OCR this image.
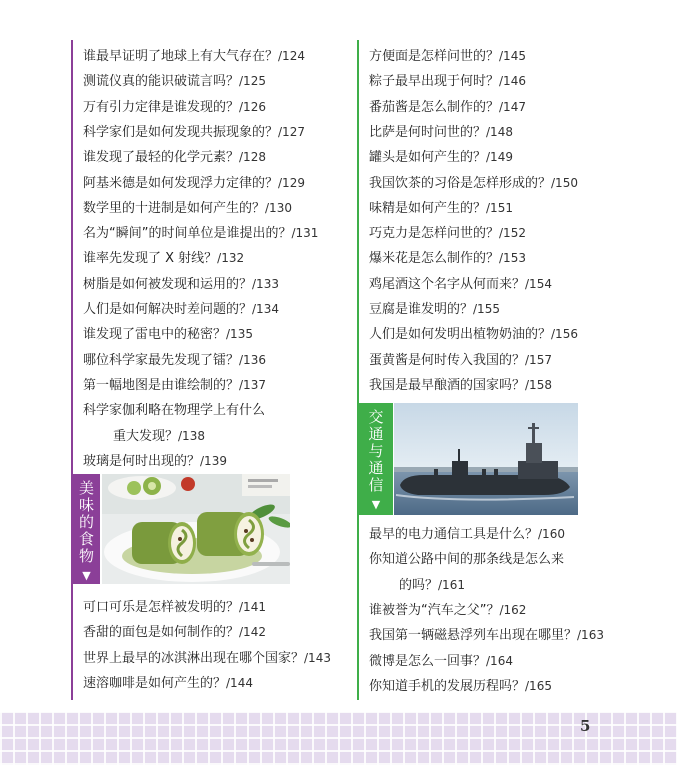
谁最早证明了地球上有大气存在？/124
测谎仪真的能识破谎言吗？/125
万有引力定律是谁发现的？/126
科学家们是如何发现共振现象的？/127
谁发现了最轻的化学元素？/128
阿基米德是如何发现浮力定律的？/129
数学里的十进制是如何产生的？/130
名为“瞬间”的时间单位是谁提出的？/131
谁率先发现了 X 射线？/132
树脂是如何被发现和运用的？/133
人们是如何解决时差问题的？/134
谁发现了雷电中的秘密？/135
哪位科学家最先发现了镭？/136
第一幅地图是由谁绘制的？/137
科学家伽利略在物理学上有什么
重大发现？/138
玻璃是何时出现的？/139
美
味
的
食
物
▼
可口可乐是怎样被发明的？/141
香甜的面包是如何制作的？/142
世界上最早的冰淇淋出现在哪个国家？/143
速溶咖啡是如何产生的？/144
方便面是怎样问世的？/145
粽子最早出现于何时？/146
番茄酱是怎么制作的？/147
比萨是何时问世的？/148
罐头是如何产生的？/149
我国饮茶的习俗是怎样形成的？/150
味精是如何产生的？/151
巧克力是怎样问世的？/152
爆米花是怎么制作的？/153
鸡尾酒这个名字从何而来？/154
豆腐是谁发明的？/155
人们是如何发明出植物奶油的？/156
蛋黄酱是何时传入我国的？/157
我国是最早酿酒的国家吗？/158
交
通
与
通
信
▼
最早的电力通信工具是什么？/160
你知道公路中间的那条线是怎么来
的吗？/161
谁被誉为“汽车之父”？/162
我国第一辆磁悬浮列车出现在哪里？/163
微博是怎么一回事？/164
你知道手机的发展历程吗？/165
5
